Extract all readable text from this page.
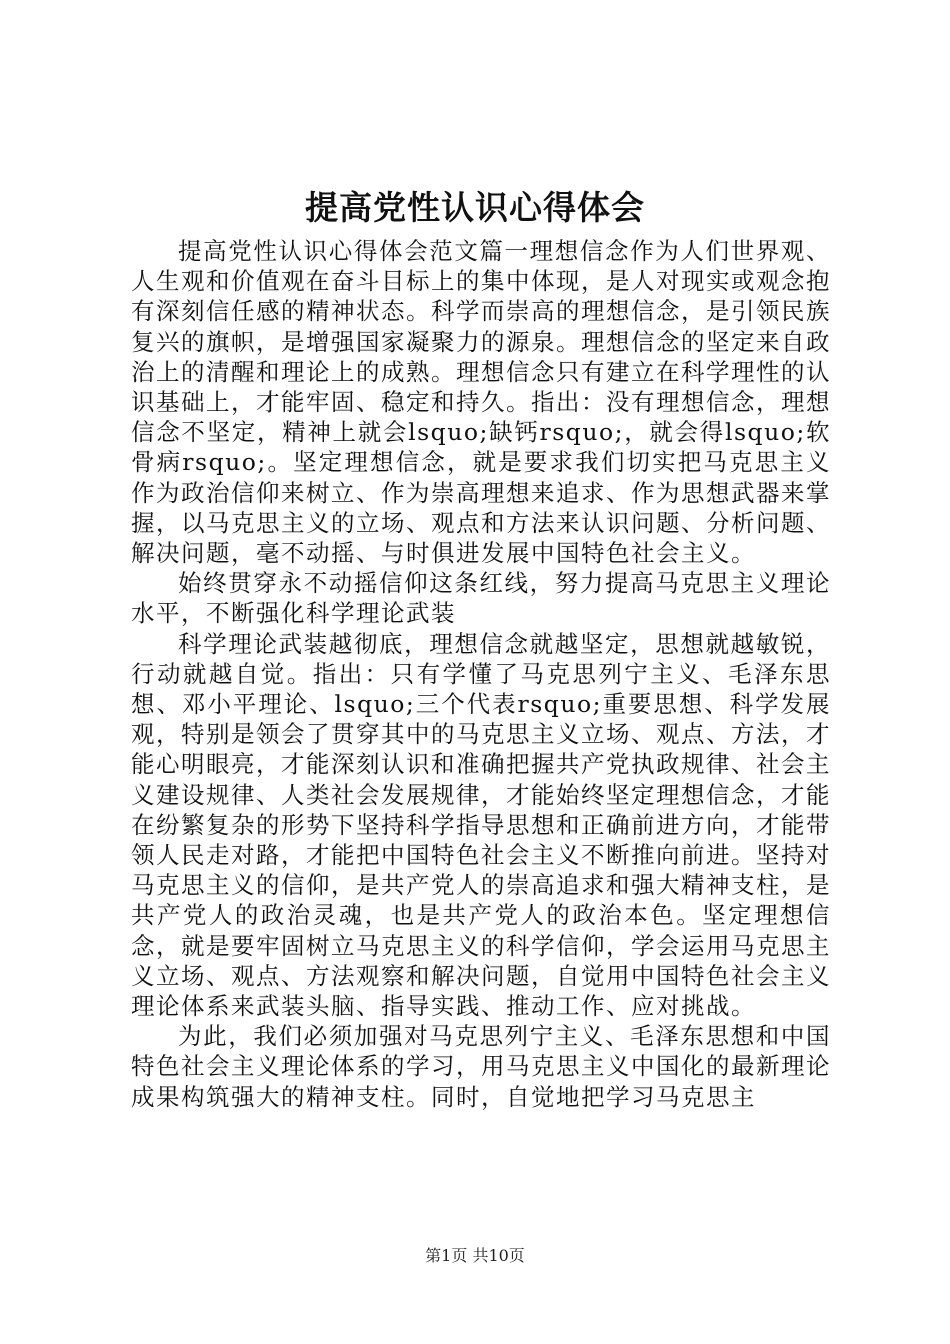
提高党性认识心得体会

提高党性认识心得体会范文篇一理想信念作为人们世界观、人生观和价值观在奋斗目标上的集中体现，是人对现实或观念抱有深刻信任感的精神状态。科学而崇高的理想信念，是引领民族复兴的旗帜，是增强国家凝聚力的源泉。理想信念的坚定来自政治上的清醒和理论上的成熟。理想信念只有建立在科学理性的认识基础上，才能牢固、稳定和持久。指出：没有理想信念，理想信念不坚定，精神上就会lsquo;缺钙rsquo;，就会得lsquo;软骨病rsquo;。坚定理想信念，就是要求我们切实把马克思主义作为政治信仰来树立、作为崇高理想来追求、作为思想武器来掌握，以马克思主义的立场、观点和方法来认识问题、分析问题、解决问题，毫不动摇、与时俱进发展中国特色社会主义。

始终贯穿永不动摇信仰这条红线，努力提高马克思主义理论水平，不断强化科学理论武装

科学理论武装越彻底，理想信念就越坚定，思想就越敏锐，行动就越自觉。指出：只有学懂了马克思列宁主义、毛泽东思想、邓小平理论、lsquo;三个代表rsquo;重要思想、科学发展观，特别是领会了贯穿其中的马克思主义立场、观点、方法，才能心明眼亮，才能深刻认识和准确把握共产党执政规律、社会主义建设规律、人类社会发展规律，才能始终坚定理想信念，才能在纷繁复杂的形势下坚持科学指导思想和正确前进方向，才能带领人民走对路，才能把中国特色社会主义不断推向前进。坚持对马克思主义的信仰，是共产党人的崇高追求和强大精神支柱，是共产党人的政治灵魂，也是共产党人的政治本色。坚定理想信念，就是要牢固树立马克思主义的科学信仰，学会运用马克思主义立场、观点、方法观察和解决问题，自觉用中国特色社会主义理论体系来武装头脑、指导实践、推动工作、应对挑战。

为此，我们必须加强对马克思列宁主义、毛泽东思想和中国特色社会主义理论体系的学习，用马克思主义中国化的最新理论成果构筑强大的精神支柱。同时，自觉地把学习马克思主

第1页 共10页
